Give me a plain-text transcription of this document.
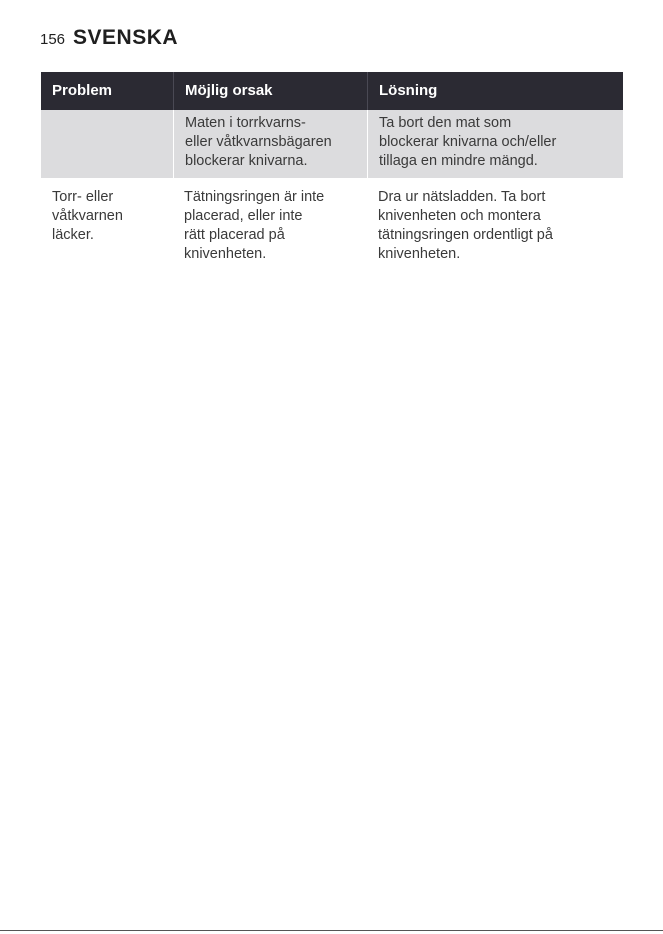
156 SVENSKA
Problem	Möjlig orsak	Lösning
Maten i torrkvarns-
eller våtkvarnsbägaren
blockerar knivarna.
Ta bort den mat som
blockerar knivarna och/eller
tillaga en mindre mängd.
Torr- eller
våtkvarnen
läcker.
Tätningsringen är inte
placerad, eller inte
rätt placerad på
knivenheten.
Dra ur nätsladden. Ta bort
knivenheten och montera
tätningsringen ordentligt på
knivenheten.
